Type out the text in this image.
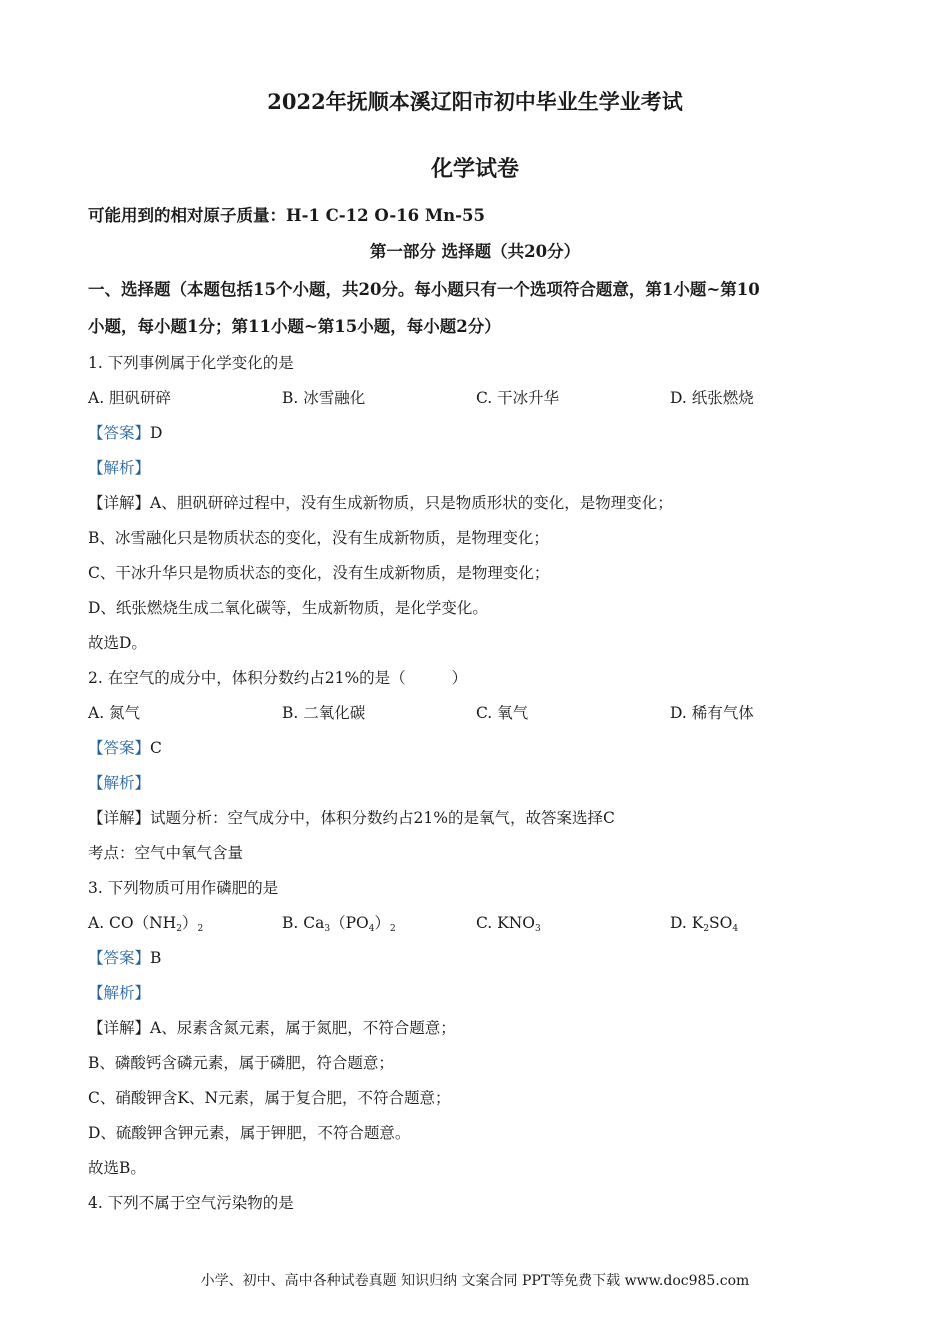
2022年抚顺本溪辽阳市初中毕业生学业考试
化学试卷
可能用到的相对原子质量：H-1 C-12 O-16 Mn-55
第一部分 选择题（共20分）
一、选择题（本题包括15个小题，共20分。每小题只有一个选项符合题意，第1小题~第10
小题，每小题1分；第11小题~第15小题，每小题2分）
1. 下列事例属于化学变化的是
A. 胆矾研碎	B. 冰雪融化	C. 干冰升华	D. 纸张燃烧
【答案】D
【解析】
【详解】A、胆矾研碎过程中，没有生成新物质，只是物质形状的变化，是物理变化；
B、冰雪融化只是物质状态的变化，没有生成新物质，是物理变化；
C、干冰升华只是物质状态的变化，没有生成新物质，是物理变化；
D、纸张燃烧生成二氧化碳等，生成新物质，是化学变化。
故选D。
2. 在空气的成分中，体积分数约占21%的是（	）
A. 氮气	B. 二氧化碳	C. 氧气	D. 稀有气体
【答案】C
【解析】
【详解】试题分析：空气成分中，体积分数约占21%的是氧气，故答案选择C
考点：空气中氧气含量
3. 下列物质可用作磷肥的是
A. $CO(NH_2)_2$	B. $Ca_3(PO_4)_2$	C. $KNO_3$	D. $K_2SO_4$
【答案】B
【解析】
【详解】A、尿素含氮元素，属于氮肥，不符合题意；
B、磷酸钙含磷元素，属于磷肥，符合题意；
C、硝酸钾含K、N元素，属于复合肥，不符合题意；
D、硫酸钾含钾元素，属于钾肥，不符合题意。
故选B。
4. 下列不属于空气污染物的是
小学、初中、高中各种试卷真题 知识归纳 文案合同 PPT等免费下载 www.doc985.com
